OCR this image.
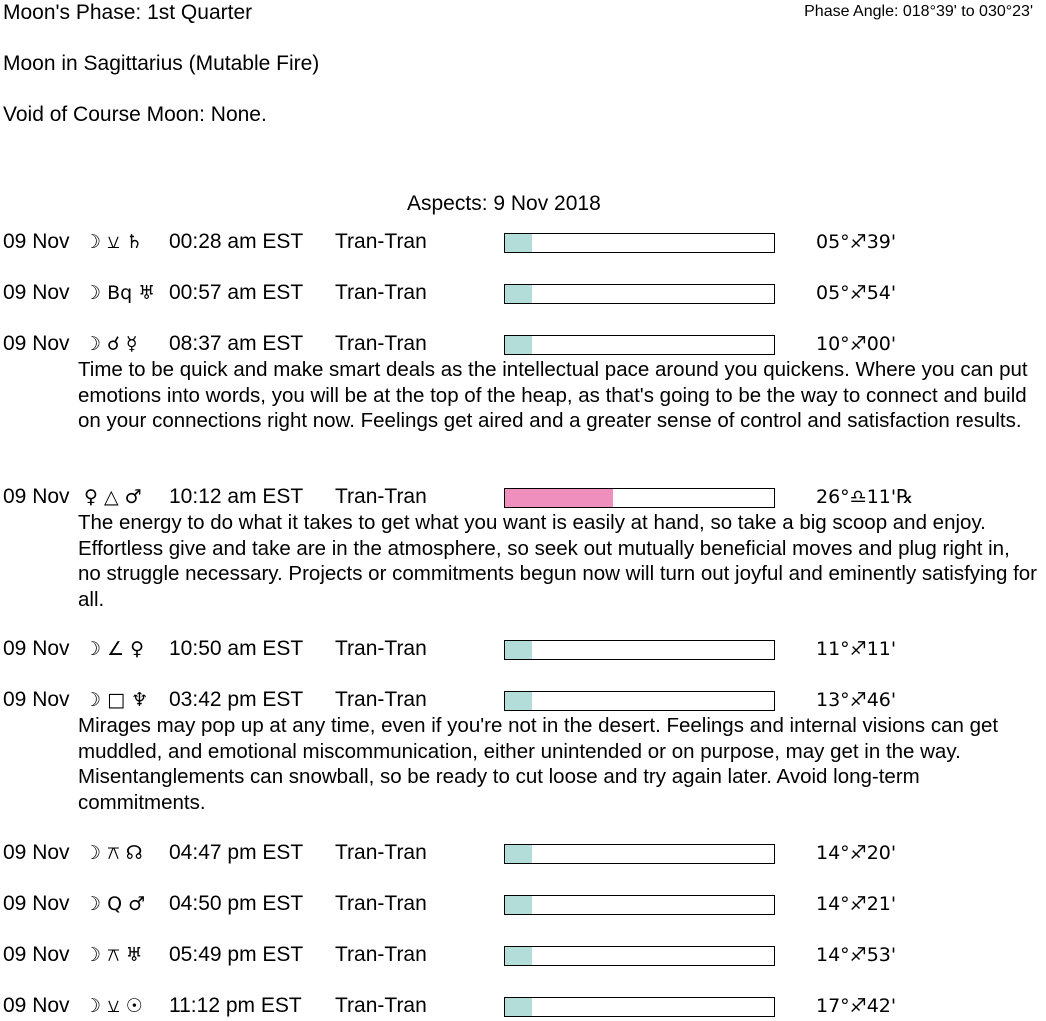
Moon's Phase: 1st Quarter	Phase Angle: 018°39' to 030°23'
Moon in Sagittarius (Mutable Fire)
Void of Course Moon: None.
Aspects: 9 Nov 2018
09 Nov ☽ ⚺ ♄ 00:28 am EST Tran-Tran	05°♐39'
09 Nov ☽ Bq ♅ 00:57 am EST Tran-Tran	05°♐54'
09 Nov ☽ ☌ ☿ 08:37 am EST Tran-Tran	10°♐00'
Time to be quick and make smart deals as the intellectual pace around you quickens. Where you can put emotions into words, you will be at the top of the heap, as that's going to be the way to connect and build on your connections right now. Feelings get aired and a greater sense of control and satisfaction results.
09 Nov ♀ △ ♂ 10:12 am EST Tran-Tran	26°♎11'℞
The energy to do what it takes to get what you want is easily at hand, so take a big scoop and enjoy. Effortless give and take are in the atmosphere, so seek out mutually beneficial moves and plug right in, no struggle necessary. Projects or commitments begun now will turn out joyful and eminently satisfying for all.
09 Nov ☽ ∠ ♀ 10:50 am EST Tran-Tran	11°♐11'
09 Nov ☽ □ ♆ 03:42 pm EST Tran-Tran	13°♐46'
Mirages may pop up at any time, even if you're not in the desert. Feelings and internal visions can get muddled, and emotional miscommunication, either unintended or on purpose, may get in the way. Misentanglements can snowball, so be ready to cut loose and try again later. Avoid long-term commitments.
09 Nov ☽ ⚻ ☊ 04:47 pm EST Tran-Tran	14°♐20'
09 Nov ☽ Q ♂ 04:50 pm EST Tran-Tran	14°♐21'
09 Nov ☽ ⚻ ♅ 05:49 pm EST Tran-Tran	14°♐53'
09 Nov ☽ ⚺ ☉ 11:12 pm EST Tran-Tran	17°♐42'
